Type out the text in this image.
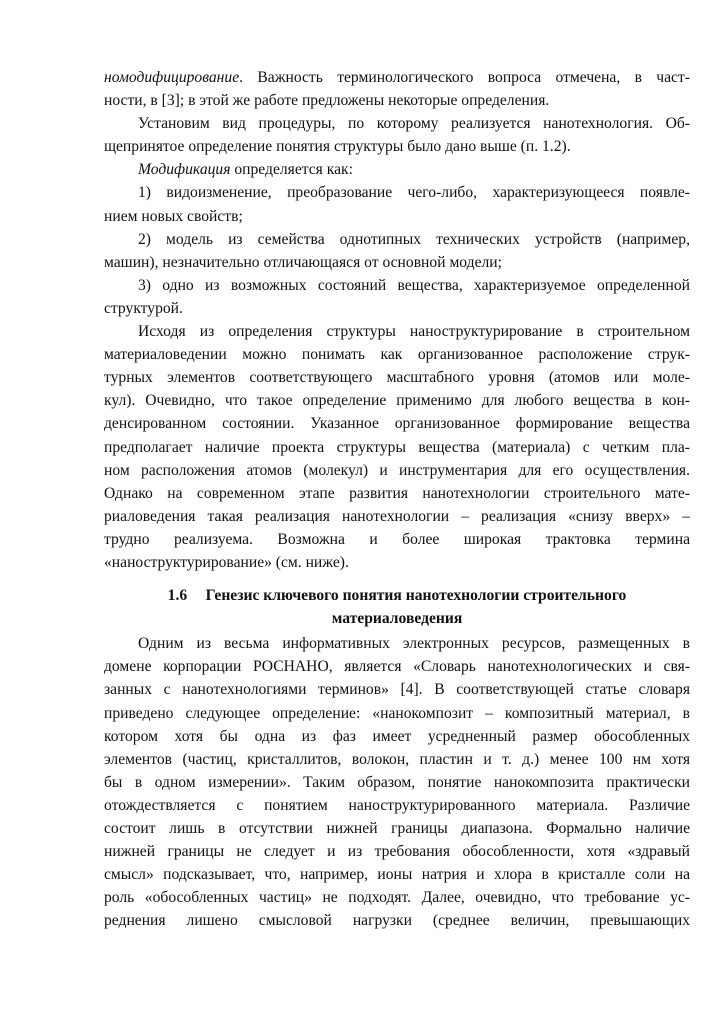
номодифицирование. Важность терминологического вопроса отмечена, в част-
ности, в [3]; в этой же работе предложены некоторые определения.
Установим вид процедуры, по которому реализуется нанотехнология. Об-
щепринятое определение понятия структуры было дано выше (п. 1.2).
Модификация определяется как:
1) видоизменение, преобразование чего-либо, характеризующееся появле-
нием новых свойств;
2) модель из семейства однотипных технических устройств (например,
машин), незначительно отличающаяся от основной модели;
3) одно из возможных состояний вещества, характеризуемое определенной
структурой.
Исходя из определения структуры наноструктурирование в строительном
материаловедении можно понимать как организованное расположение струк-
турных элементов соответствующего масштабного уровня (атомов или моле-
кул). Очевидно, что такое определение применимо для любого вещества в кон-
денсированном состоянии. Указанное организованное формирование вещества
предполагает наличие проекта структуры вещества (материала) с четким пла-
ном расположения атомов (молекул) и инструментария для его осуществления.
Однако на современном этапе развития нанотехнологии строительного мате-
риаловедения такая реализация нанотехнологии – реализация «снизу вверх» –
трудно реализуема. Возможна и более широкая трактовка термина
«наноструктурирование» (см. ниже).
1.6 Генезис ключевого понятия нанотехнологии строительного
материаловедения
Одним из весьма информативных электронных ресурсов, размещенных в
домене корпорации РОСНАНО, является «Словарь нанотехнологических и свя-
занных с нанотехнологиями терминов» [4]. В соответствующей статье словаря
приведено следующее определение: «нанокомпозит – композитный материал, в
котором хотя бы одна из фаз имеет усредненный размер обособленных
элементов (частиц, кристаллитов, волокон, пластин и т. д.) менее 100 нм хотя
бы в одном измерении». Таким образом, понятие нанокомпозита практически
отождествляется с понятием наноструктурированного материала. Различие
состоит лишь в отсутствии нижней границы диапазона. Формально наличие
нижней границы не следует и из требования обособленности, хотя «здравый
смысл» подсказывает, что, например, ионы натрия и хлора в кристалле соли на
роль «обособленных частиц» не подходят. Далее, очевидно, что требование ус-
реднения лишено смысловой нагрузки (среднее величин, превышающих
